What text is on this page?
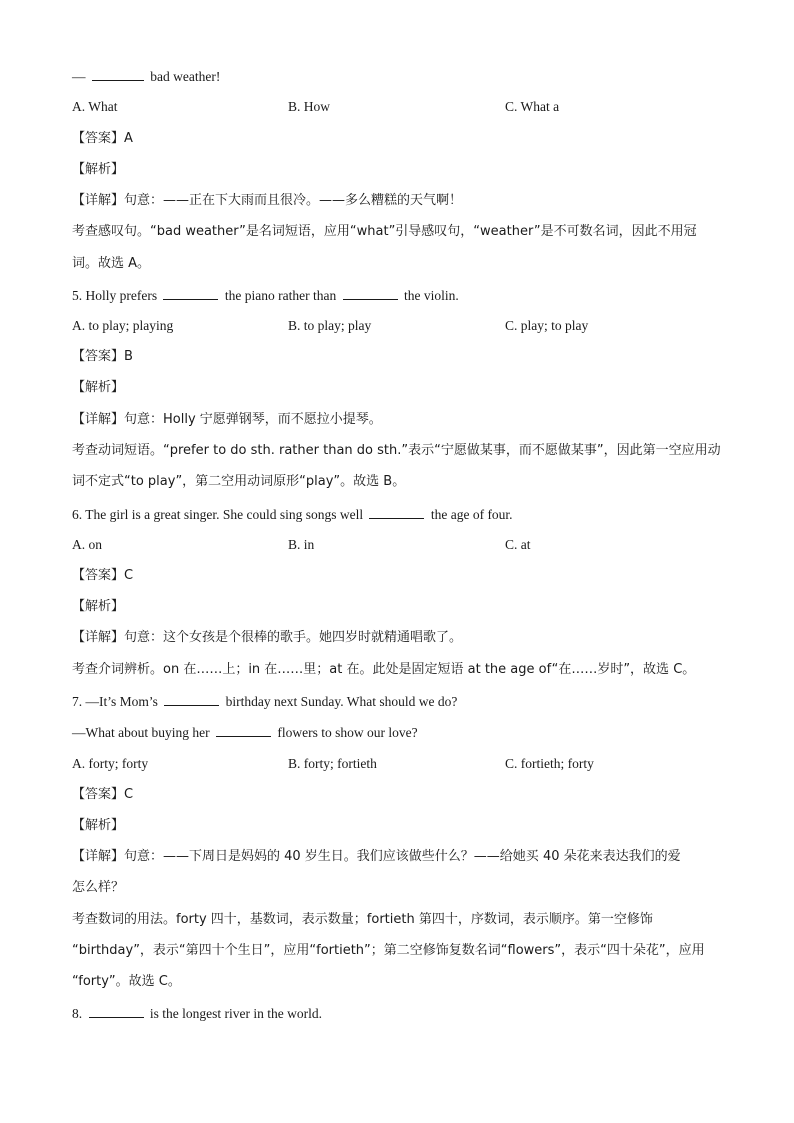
—	bad weather!
A. What	B. How	C. What a
【答案】A
【解析】
【详解】句意：——正在下大雨而且很冷。——多么糟糕的天气啊！
考查感叹句。“bad weather”是名词短语，应用“what”引导感叹句，“weather”是不可数名词，因此不用冠
词。故选 A。
5. Holly prefers	the piano rather than	the violin.
A. to play; playing	B. to play; play	C. play; to play
【答案】B
【解析】
【详解】句意：Holly 宁愿弹钢琴，而不愿拉小提琴。
考查动词短语。“prefer to do sth. rather than do sth.”表示“宁愿做某事，而不愿做某事”，因此第一空应用动
词不定式“to play”，第二空用动词原形“play”。故选 B。
6. The girl is a great singer. She could sing songs well	the age of four.
A. on	B. in	C. at
【答案】C
【解析】
【详解】句意：这个女孩是个很棒的歌手。她四岁时就精通唱歌了。
考查介词辨析。on 在……上；in 在……里；at 在。此处是固定短语 at the age of“在……岁时”，故选 C。
7. —It’s Mom’s	birthday next Sunday. What should we do?
—What about buying her	flowers to show our love?
A. forty; forty	B. forty; fortieth	C. fortieth; forty
【答案】C
【解析】
【详解】句意：——下周日是妈妈的 40 岁生日。我们应该做些什么？——给她买 40 朵花来表达我们的爱
怎么样？
考查数词的用法。forty 四十，基数词，表示数量；fortieth 第四十，序数词，表示顺序。第一空修饰
“birthday”，表示“第四十个生日”，应用“fortieth”；第二空修饰复数名词“flowers”，表示“四十朵花”，应用
“forty”。故选 C。
8.	is the longest river in the world.
